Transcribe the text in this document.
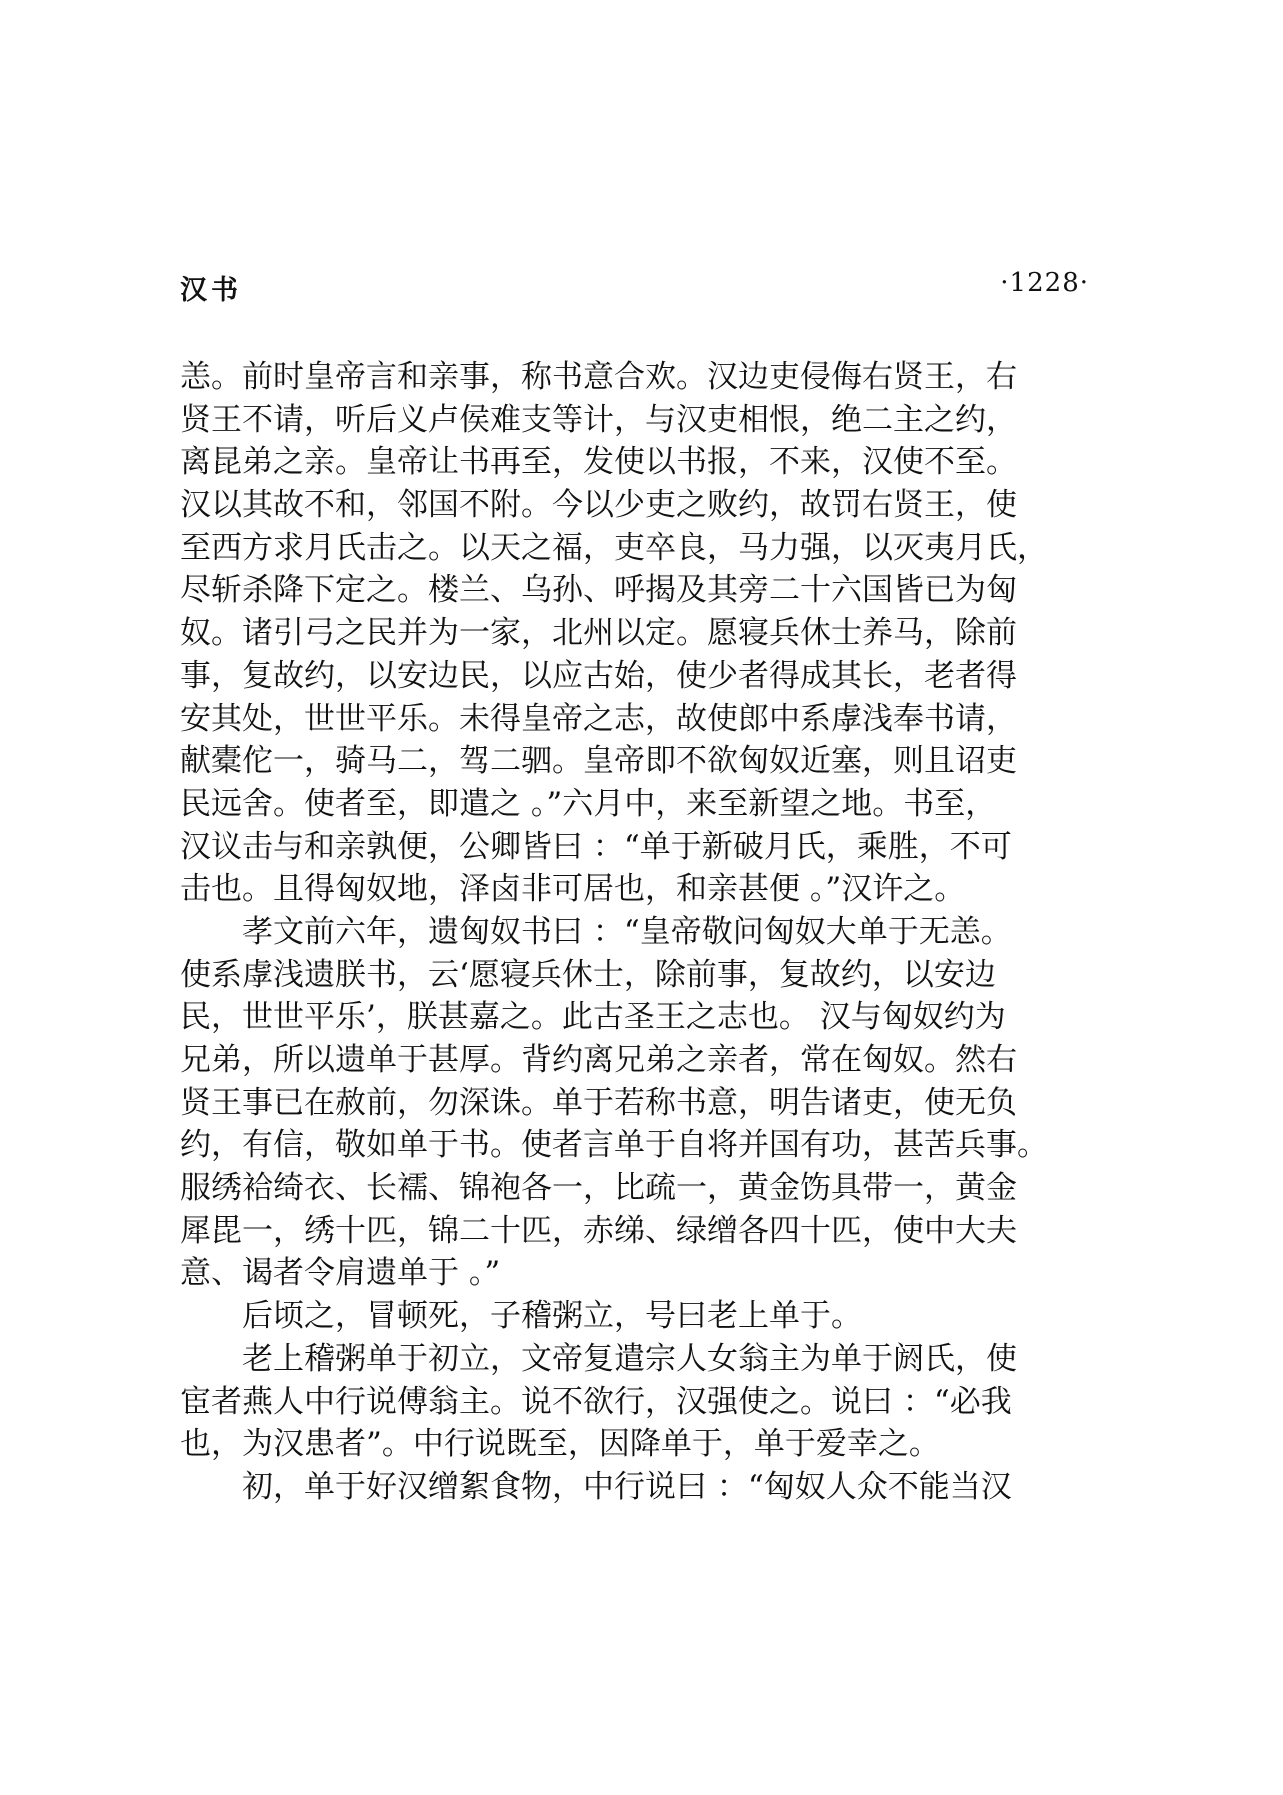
汉书	·1228·
恙。前时皇帝言和亲事，称书意合欢。汉边吏侵侮右贤王，右
贤王不请，听后义卢侯难支等计，与汉吏相恨，绝二主之约，
离昆弟之亲。皇帝让书再至，发使以书报，不来，汉使不至。
汉以其故不和，邻国不附。今以少吏之败约，故罚右贤王，使
至西方求月氏击之。以天之福，吏卒良，马力强，以灭夷月氏，
尽斩杀降下定之。楼兰、乌孙、呼揭及其旁二十六国皆已为匈
奴。诸引弓之民并为一家，北州以定。愿寝兵休士养马，除前
事，复故约，以安边民，以应古始，使少者得成其长，老者得
安其处，世世平乐。未得皇帝之志，故使郎中系虖浅奉书请，
献橐佗一，骑马二，驾二驷。皇帝即不欲匈奴近塞，则且诏吏
民远舍。使者至，即遣之 。”六月中，来至新望之地。书至，
汉议击与和亲孰便，公卿皆曰 ：“单于新破月氏，乘胜，不可
击也。且得匈奴地，泽卤非可居也，和亲甚便 。”汉许之。
孝文前六年，遗匈奴书曰 ：“皇帝敬问匈奴大单于无恙。
使系虖浅遗朕书，云‘愿寝兵休士，除前事，复故约，以安边
民，世世平乐’，朕甚嘉之。此古圣王之志也。 汉与匈奴约为
兄弟，所以遗单于甚厚。背约离兄弟之亲者，常在匈奴。然右
贤王事已在赦前，勿深诛。单于若称书意，明告诸吏，使无负
约，有信，敬如单于书。使者言单于自将并国有功，甚苦兵事。
服绣袷绮衣、长襦、锦袍各一，比疏一，黄金饬具带一，黄金
犀毘一，绣十匹，锦二十匹，赤绨、绿缯各四十匹，使中大夫
意、谒者令肩遗单于 。”
后顷之，冒顿死，子稽粥立，号曰老上单于。
老上稽粥单于初立，文帝复遣宗人女翁主为单于阏氏，使
宦者燕人中行说傅翁主。说不欲行，汉强使之。说曰 ：“必我
也，为汉患者”。中行说既至，因降单于，单于爱幸之。
初，单于好汉缯絮食物，中行说曰 ：“匈奴人众不能当汉
